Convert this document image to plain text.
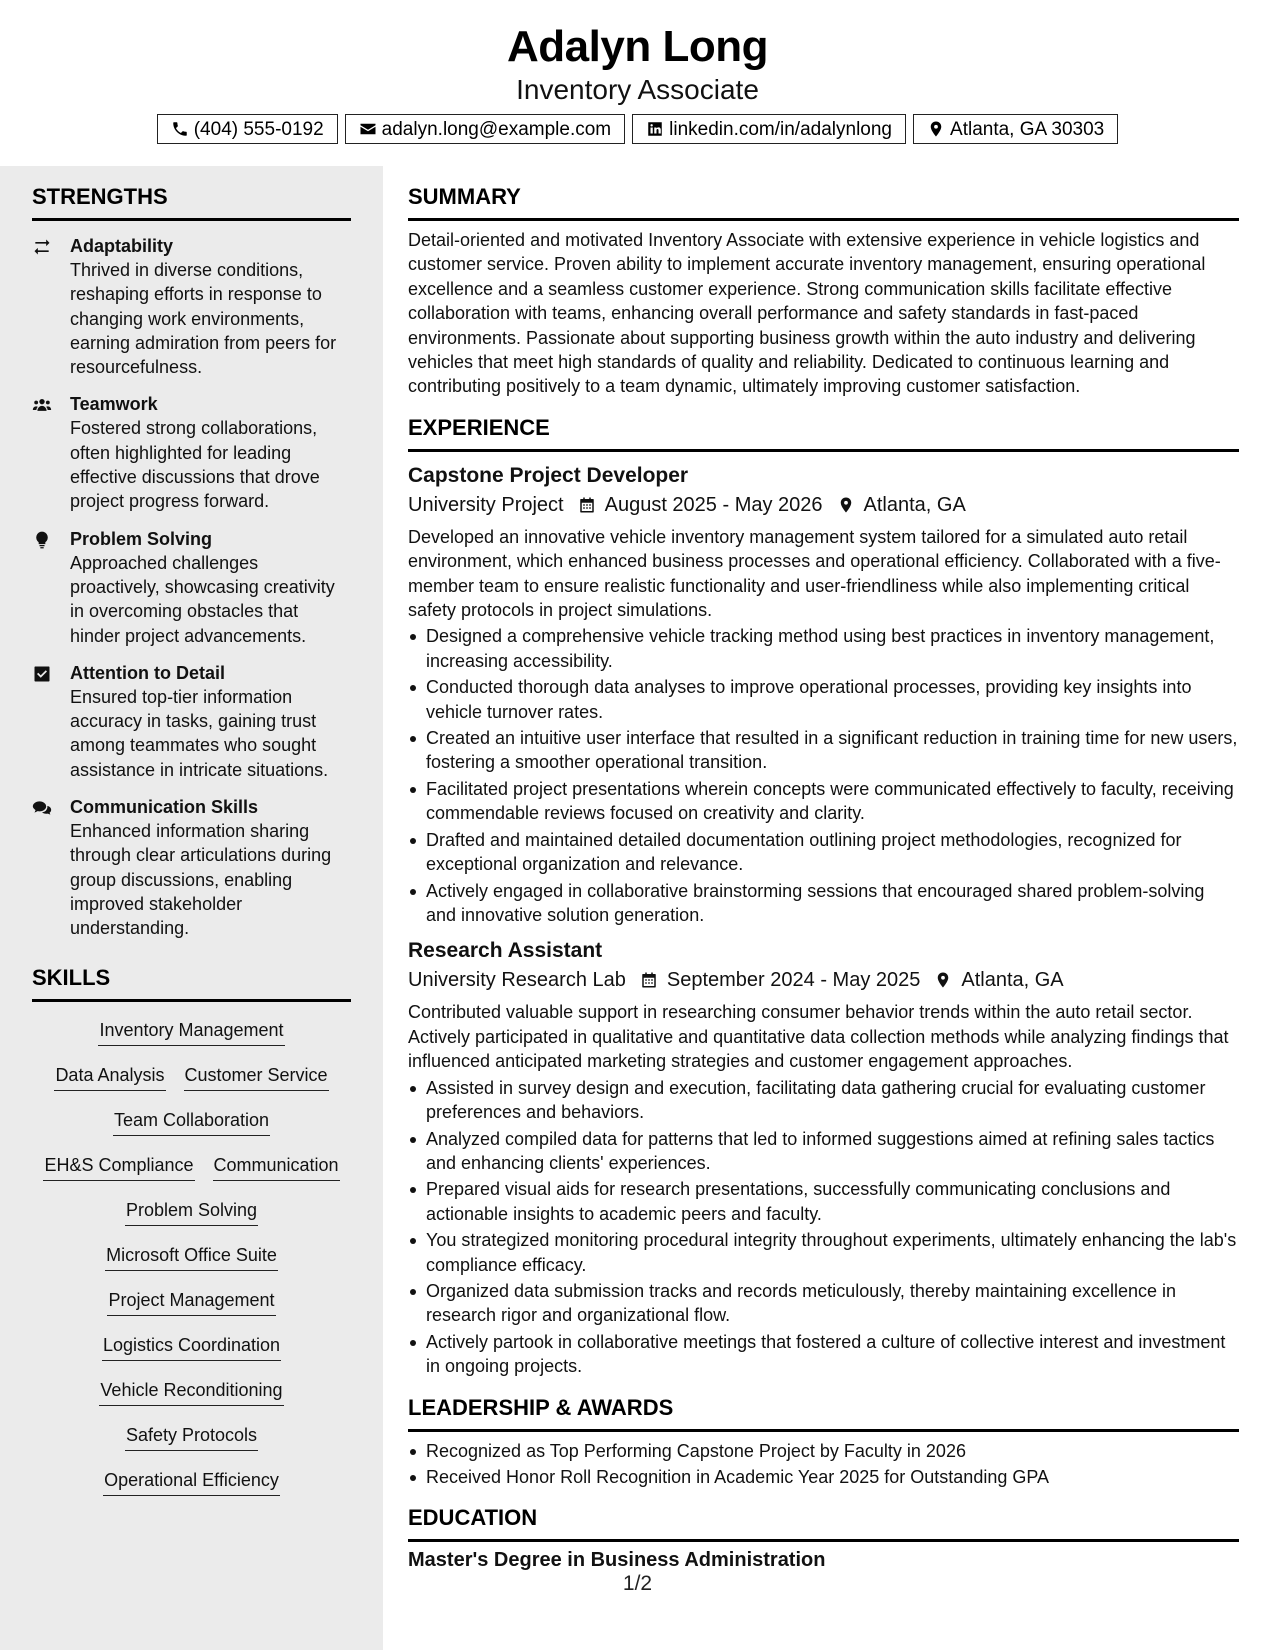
Adalyn Long
Inventory Associate
(404) 555-0192	adalyn.long@example.com	linkedin.com/in/adalynlong	Atlanta, GA 30303
STRENGTHS
Adaptability
Thrived in diverse conditions, reshaping efforts in response to changing work environments, earning admiration from peers for resourcefulness.
Teamwork
Fostered strong collaborations, often highlighted for leading effective discussions that drove project progress forward.
Problem Solving
Approached challenges proactively, showcasing creativity in overcoming obstacles that hinder project advancements.
Attention to Detail
Ensured top-tier information accuracy in tasks, gaining trust among teammates who sought assistance in intricate situations.
Communication Skills
Enhanced information sharing through clear articulations during group discussions, enabling improved stakeholder understanding.
SKILLS
Inventory Management
Data Analysis Customer Service
Team Collaboration
EH&S Compliance Communication
Problem Solving
Microsoft Office Suite
Project Management
Logistics Coordination
Vehicle Reconditioning
Safety Protocols
Operational Efficiency
SUMMARY
Detail-oriented and motivated Inventory Associate with extensive experience in vehicle logistics and customer service. Proven ability to implement accurate inventory management, ensuring operational excellence and a seamless customer experience. Strong communication skills facilitate effective collaboration with teams, enhancing overall performance and safety standards in fast-paced environments. Passionate about supporting business growth within the auto industry and delivering vehicles that meet high standards of quality and reliability. Dedicated to continuous learning and contributing positively to a team dynamic, ultimately improving customer satisfaction.
EXPERIENCE
Capstone Project Developer
University Project August 2025 - May 2026 Atlanta, GA
Developed an innovative vehicle inventory management system tailored for a simulated auto retail environment, which enhanced business processes and operational efficiency. Collaborated with a five-member team to ensure realistic functionality and user-friendliness while also implementing critical safety protocols in project simulations.
Designed a comprehensive vehicle tracking method using best practices in inventory management, increasing accessibility.
Conducted thorough data analyses to improve operational processes, providing key insights into vehicle turnover rates.
Created an intuitive user interface that resulted in a significant reduction in training time for new users, fostering a smoother operational transition.
Facilitated project presentations wherein concepts were communicated effectively to faculty, receiving commendable reviews focused on creativity and clarity.
Drafted and maintained detailed documentation outlining project methodologies, recognized for exceptional organization and relevance.
Actively engaged in collaborative brainstorming sessions that encouraged shared problem-solving and innovative solution generation.
Research Assistant
University Research Lab September 2024 - May 2025 Atlanta, GA
Contributed valuable support in researching consumer behavior trends within the auto retail sector. Actively participated in qualitative and quantitative data collection methods while analyzing findings that influenced anticipated marketing strategies and customer engagement approaches.
Assisted in survey design and execution, facilitating data gathering crucial for evaluating customer preferences and behaviors.
Analyzed compiled data for patterns that led to informed suggestions aimed at refining sales tactics and enhancing clients' experiences.
Prepared visual aids for research presentations, successfully communicating conclusions and actionable insights to academic peers and faculty.
You strategized monitoring procedural integrity throughout experiments, ultimately enhancing the lab's compliance efficacy.
Organized data submission tracks and records meticulously, thereby maintaining excellence in research rigor and organizational flow.
Actively partook in collaborative meetings that fostered a culture of collective interest and investment in ongoing projects.
LEADERSHIP & AWARDS
Recognized as Top Performing Capstone Project by Faculty in 2026
Received Honor Roll Recognition in Academic Year 2025 for Outstanding GPA
EDUCATION
Master's Degree in Business Administration
1/2
